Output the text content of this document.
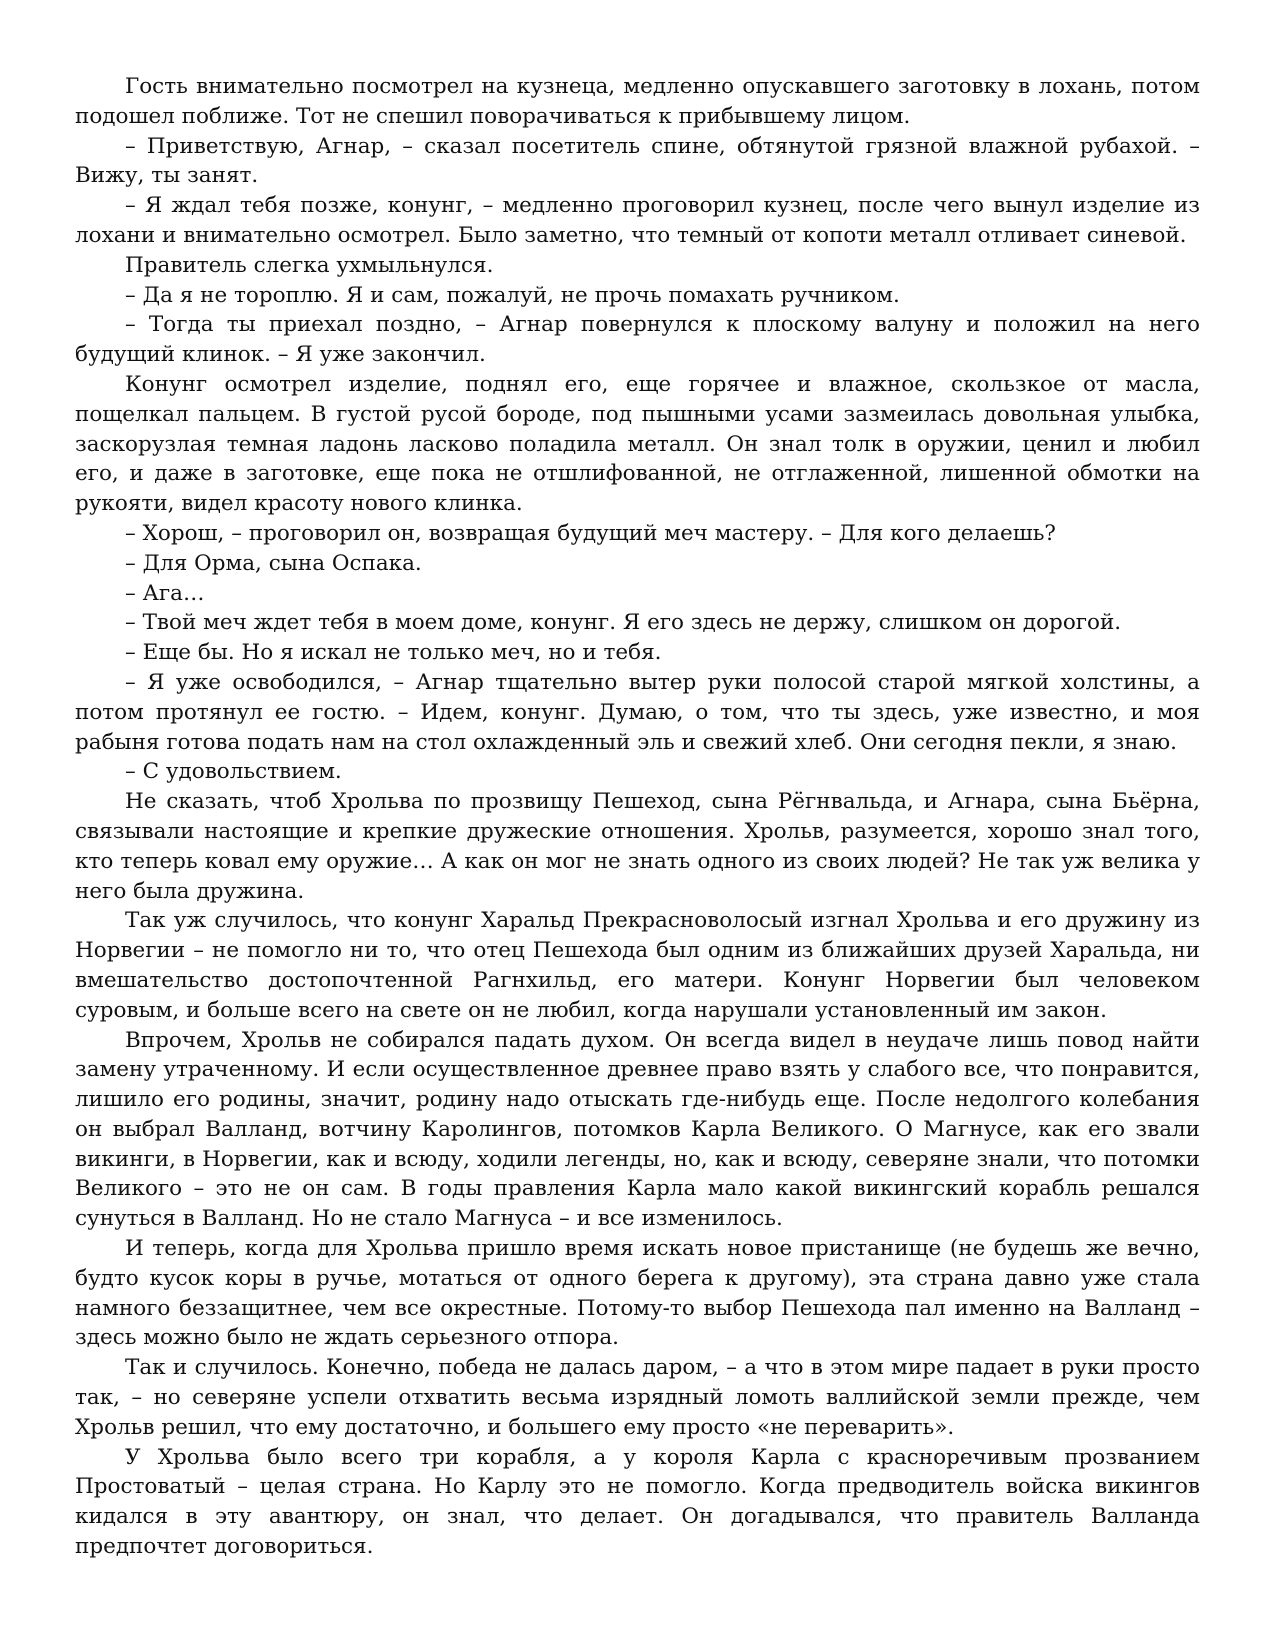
Гость внимательно посмотрел на кузнеца, медленно опускавшего заготовку в лохань, потом подошел поближе. Тот не спешил поворачиваться к прибывшему лицом.

– Приветствую, Агнар, – сказал посетитель спине, обтянутой грязной влажной рубахой. – Вижу, ты занят.

– Я ждал тебя позже, конунг, – медленно проговорил кузнец, после чего вынул изделие из лохани и внимательно осмотрел. Было заметно, что темный от копоти металл отливает синевой.

Правитель слегка ухмыльнулся.

– Да я не тороплю. Я и сам, пожалуй, не прочь помахать ручником.

– Тогда ты приехал поздно, – Агнар повернулся к плоскому валуну и положил на него будущий клинок. – Я уже закончил.

Конунг осмотрел изделие, поднял его, еще горячее и влажное, скользкое от масла, пощелкал пальцем. В густой русой бороде, под пышными усами зазмеилась довольная улыбка, заскорузлая темная ладонь ласково поладила металл. Он знал толк в оружии, ценил и любил его, и даже в заготовке, еще пока не отшлифованной, не отглаженной, лишенной обмотки на рукояти, видел красоту нового клинка.

– Хорош, – проговорил он, возвращая будущий меч мастеру. – Для кого делаешь?

– Для Орма, сына Оспака.

– Ага…

– Твой меч ждет тебя в моем доме, конунг. Я его здесь не держу, слишком он дорогой.

– Еще бы. Но я искал не только меч, но и тебя.

– Я уже освободился, – Агнар тщательно вытер руки полосой старой мягкой холстины, а потом протянул ее гостю. – Идем, конунг. Думаю, о том, что ты здесь, уже известно, и моя рабыня готова подать нам на стол охлажденный эль и свежий хлеб. Они сегодня пекли, я знаю.

– С удовольствием.

Не сказать, чтоб Хрольва по прозвищу Пешеход, сына Рёгнвальда, и Агнара, сына Бьёрна, связывали настоящие и крепкие дружеские отношения. Хрольв, разумеется, хорошо знал того, кто теперь ковал ему оружие… А как он мог не знать одного из своих людей? Не так уж велика у него была дружина.

Так уж случилось, что конунг Харальд Прекрасноволосый изгнал Хрольва и его дружину из Норвегии – не помогло ни то, что отец Пешехода был одним из ближайших друзей Харальда, ни вмешательство достопочтенной Рагнхильд, его матери. Конунг Норвегии был человеком суровым, и больше всего на свете он не любил, когда нарушали установленный им закон.

Впрочем, Хрольв не собирался падать духом. Он всегда видел в неудаче лишь повод найти замену утраченному. И если осуществленное древнее право взять у слабого все, что понравится, лишило его родины, значит, родину надо отыскать где-нибудь еще. После недолгого колебания он выбрал Валланд, вотчину Каролингов, потомков Карла Великого. О Магнусе, как его звали викинги, в Норвегии, как и всюду, ходили легенды, но, как и всюду, северяне знали, что потомки Великого – это не он сам. В годы правления Карла мало какой викингский корабль решался сунуться в Валланд. Но не стало Магнуса – и все изменилось.

И теперь, когда для Хрольва пришло время искать новое пристанище (не будешь же вечно, будто кусок коры в ручье, мотаться от одного берега к другому), эта страна давно уже стала намного беззащитнее, чем все окрестные. Потому-то выбор Пешехода пал именно на Валланд – здесь можно было не ждать серьезного отпора.

Так и случилось. Конечно, победа не далась даром, – а что в этом мире падает в руки просто так, – но северяне успели отхватить весьма изрядный ломоть валлийской земли прежде, чем Хрольв решил, что ему достаточно, и большего ему просто «не переварить».

У Хрольва было всего три корабля, а у короля Карла с красноречивым прозванием Простоватый – целая страна. Но Карлу это не помогло. Когда предводитель войска викингов кидался в эту авантюру, он знал, что делает. Он догадывался, что правитель Валланда предпочтет договориться.
